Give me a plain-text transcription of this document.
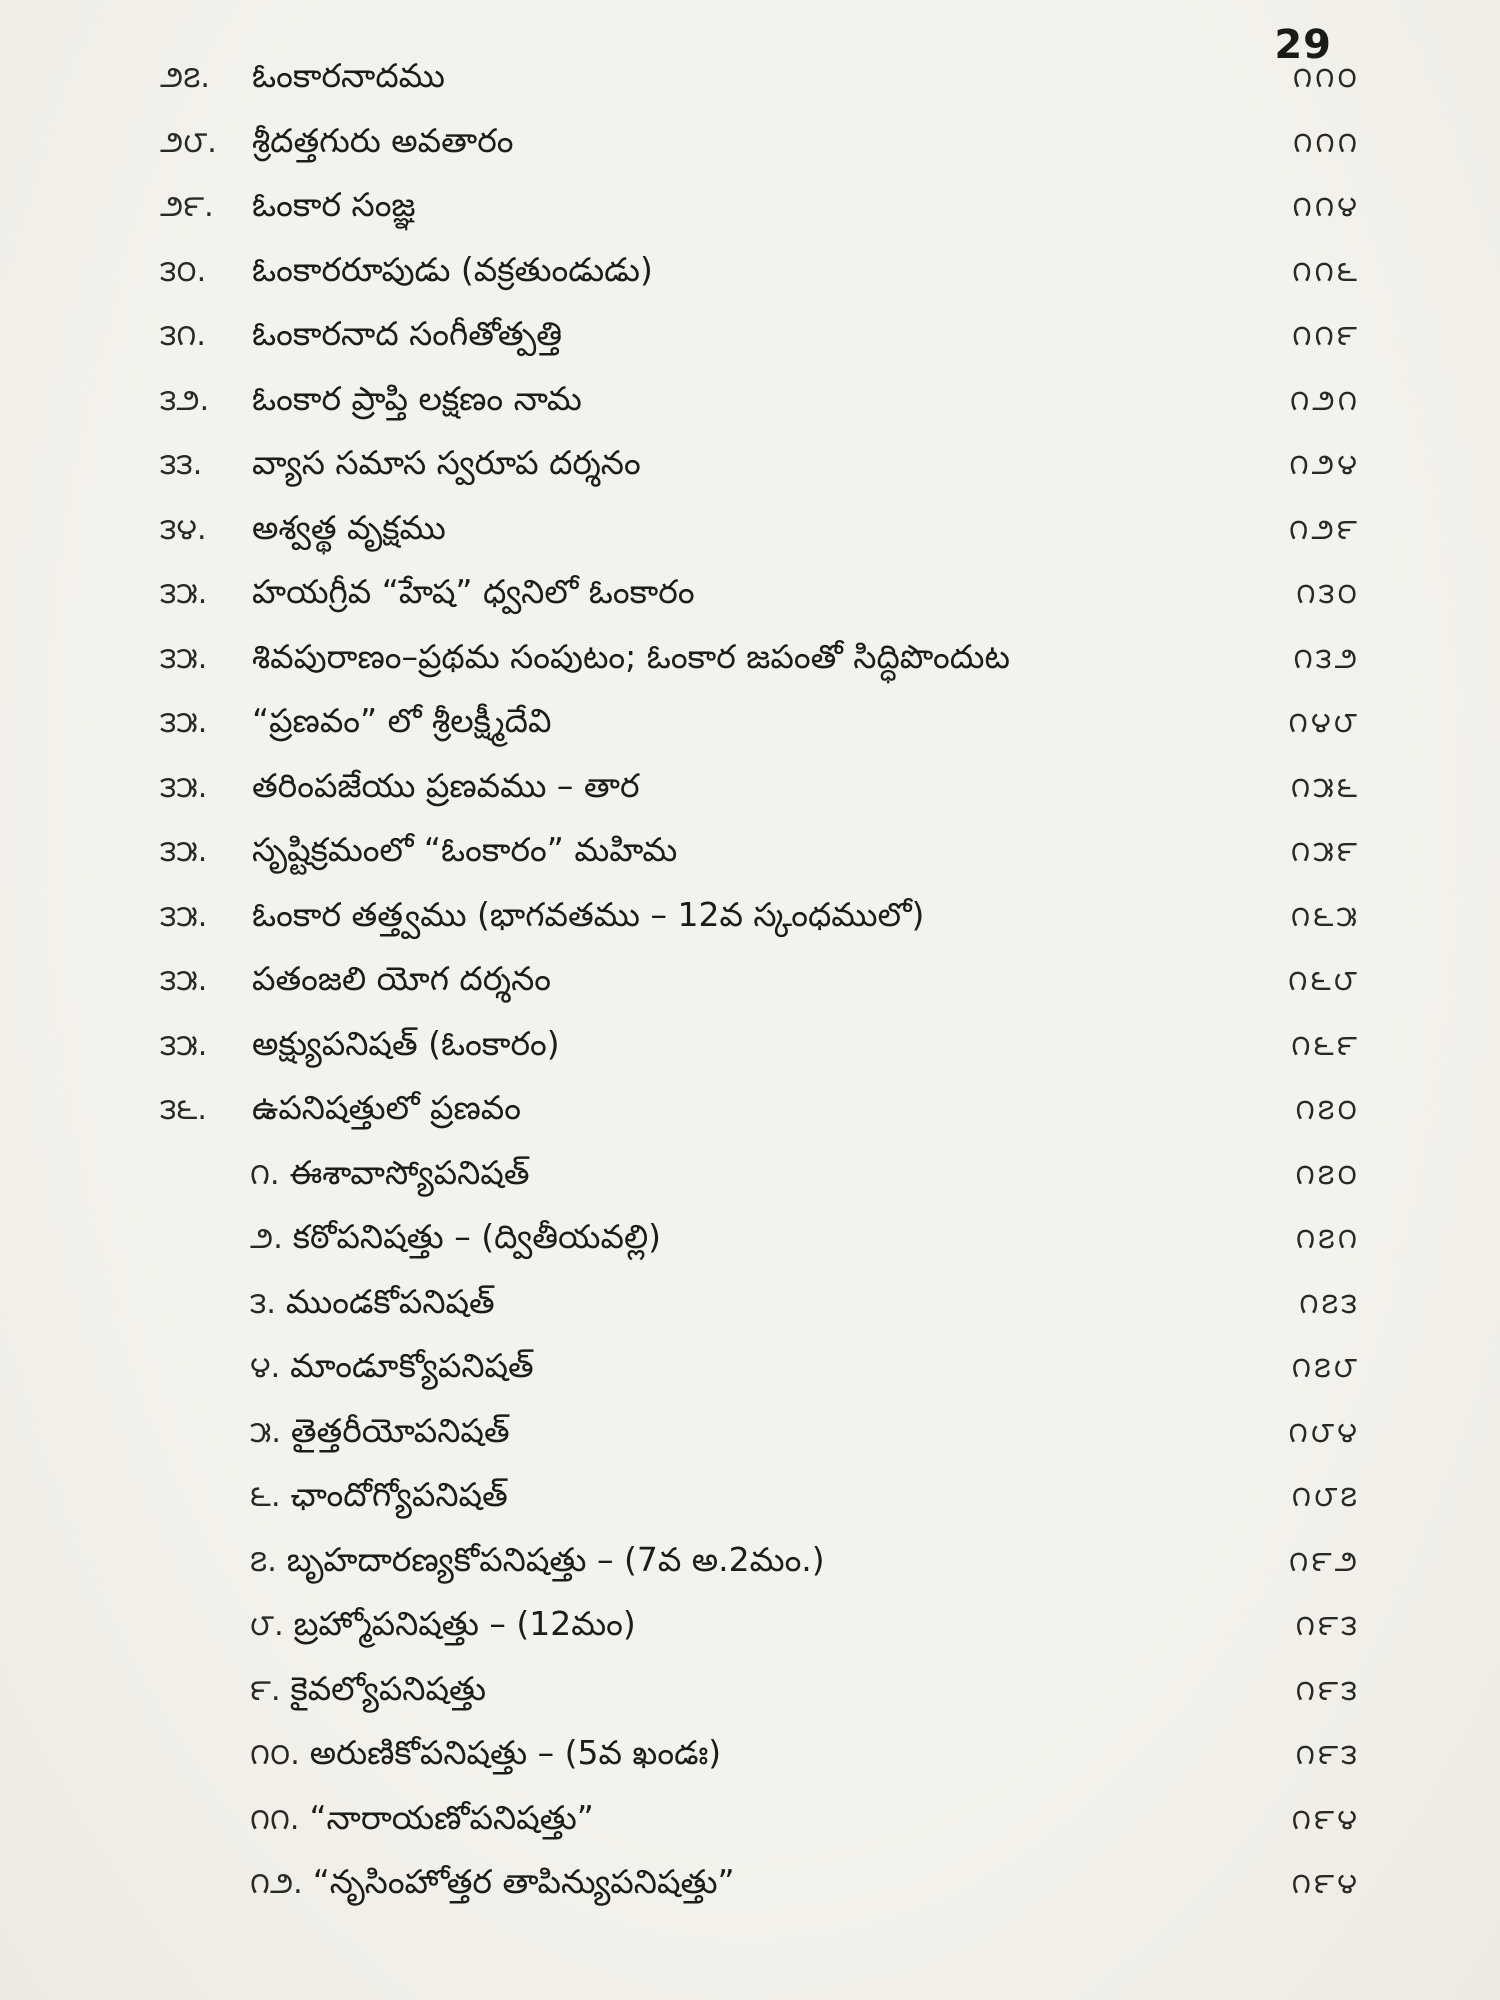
29
౨౭.	ఓంకారనాదము	౧౧౦
౨౮.	శ్రీదత్తగురు అవతారం	౧౧౧
౨౯.	ఓంకార సంజ్ఞ	౧౧౪
౩౦.	ఓంకారరూపుడు (వక్రతుండుడు)	౧౧౬
౩౧.	ఓంకారనాద సంగీతోత్పత్తి	౧౧౯
౩౨.	ఓంకార ప్రాప్తి లక్షణం నామ	౧౨౧
౩౩.	వ్యాస సమాస స్వరూప దర్శనం	౧౨౪
౩౪.	అశ్వత్థ వృక్షము	౧౨౯
౩౫.	హయగ్రీవ “హేష” ధ్వనిలో ఓంకారం	౧౩౦
౩౫.	శివపురాణం–ప్రథమ సంపుటం; ఓంకార జపంతో సిద్ధిపొందుట	౧౩౨
౩౫.	“ప్రణవం” లో శ్రీలక్ష్మీదేవి	౧౪౮
౩౫.	తరింపజేయు ప్రణవము – తార	౧౫౬
౩౫.	సృష్టిక్రమంలో “ఓంకారం” మహిమ	౧౫౯
౩౫.	ఓంకార తత్త్వము (భాగవతము – 12వ స్కంధములో)	౧౬౫
౩౫.	పతంజలి యోగ దర్శనం	౧౬౮
౩౫.	అక్ష్యుపనిషత్ (ఓంకారం)	౧౬౯
౩౬.	ఉపనిషత్తులో ప్రణవం	౧౭౦
౧. ఈశావాస్యోపనిషత్	౧౭౦
౨. కఠోపనిషత్తు – (ద్వితీయవల్లి)	౧౭౧
౩. ముండకోపనిషత్	౧౭౩
౪. మాండూక్యోపనిషత్	౧౭౮
౫. తైత్తరీయోపనిషత్	౧౮౪
౬. ఛాందోగ్యోపనిషత్	౧౮౭
౭. బృహదారణ్యకోపనిషత్తు – (7వ అ.2మం.)	౧౯౨
౮. బ్రహ్మోపనిషత్తు – (12మం)	౧౯౩
౯. కైవల్యోపనిషత్తు	౧౯౩
౧౦. అరుణికోపనిషత్తు – (5వ ఖండః)	౧౯౩
౧౧. “నారాయణోపనిషత్తు”	౧౯౪
౧౨. “నృసింహోత్తర తాపిన్యుపనిషత్తు”	౧౯౪
